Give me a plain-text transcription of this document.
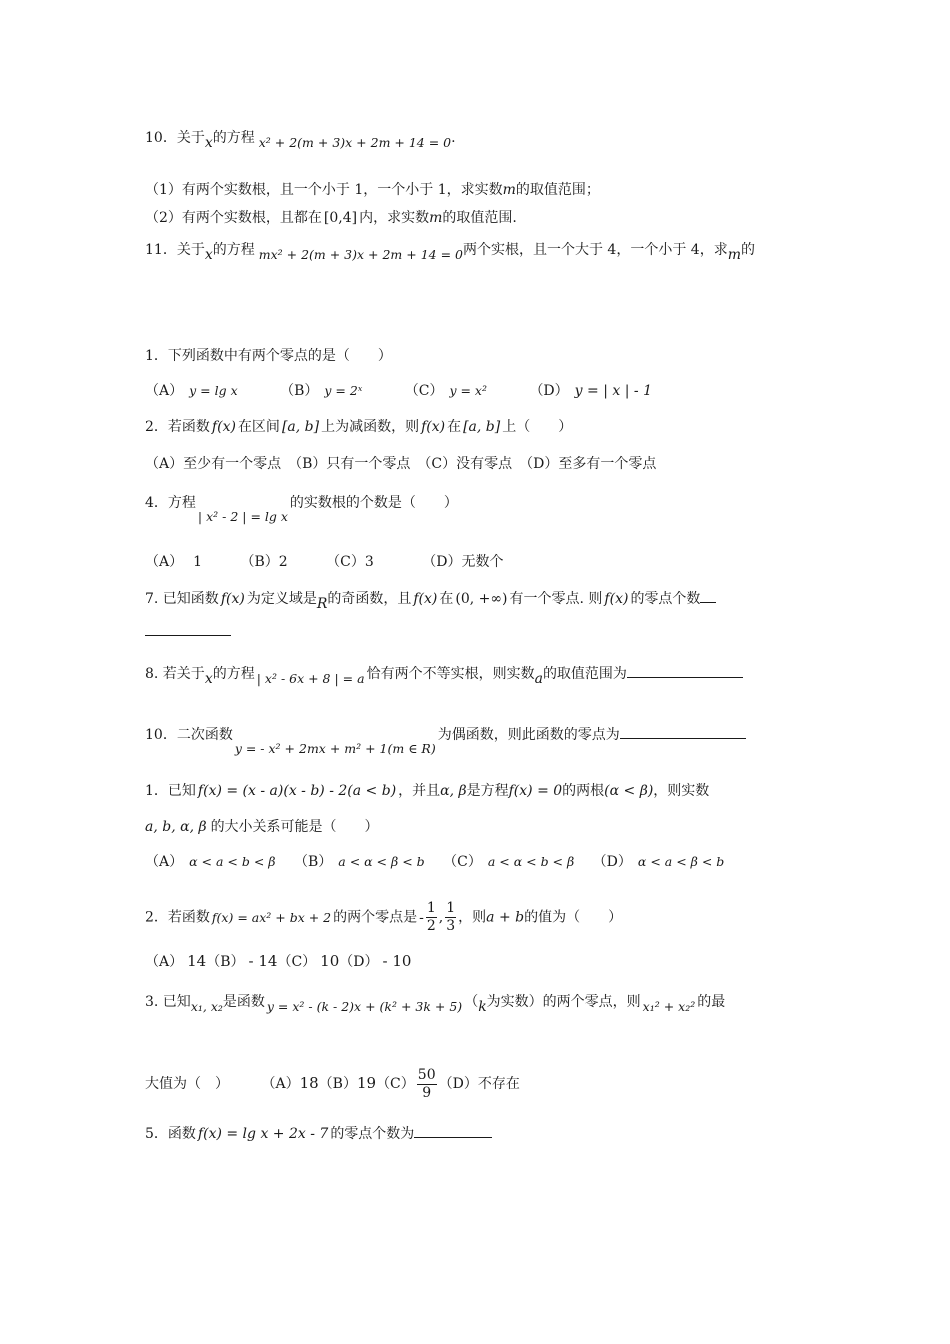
10．关于x的方程 x² + 2(m + 3)x + 2m + 14 = 0.
（1）有两个实数根，且一个小于 1，一个小于 1，求实数m的取值范围；
（2）有两个实数根，且都在 [0,4] 内，求实数m的取值范围.
11．关于x的方程 mx² + 2(m + 3)x + 2m + 14 = 0两个实根，且一个大于 4，一个小于 4，求m的
1．下列函数中有两个零点的是（　　）
（A） y = lg x	（B） y = 2ˣ	（C） y = x²	（D） y = | x | - 1
2．若函数 f(x) 在区间 [a, b] 上为减函数，则 f(x) 在 [a, b] 上（　　）
（A）至少有一个零点　（B）只有一个零点　（C）没有零点　（D）至多有一个零点
4．方程| x² - 2 | = lg x的实数根的个数是（　　）
（A） 1	（B）2	（C）3	（D）无数个
7. 已知函数 f(x) 为定义域是R的奇函数，且 f(x) 在 (0, +∞) 有一个零点. 则 f(x) 的零点个数
8. 若关于x的方程 | x² - 6x + 8 | = a 恰有两个不等实根，则实数a的取值范围为
10．二次函数y = - x² + 2mx + m² + 1(m ∈ R)为偶函数，则此函数的零点为
1．已知 f(x) = (x - a)(x - b) - 2(a < b) ，并且α, β是方程f(x) = 0的两根(α < β)，则实数
a, b, α, β 的大小关系可能是（　　）
（A） α < a < b < β （B） a < α < β < b （C） a < α < b < β （D） α < a < β < b
2．若函数 f(x) = ax² + bx + 2 的两个零点是 - $\frac{1}{2}$ , $\frac{1}{3}$ ，则a + b的值为（　　）
（A） 14（B） - 14（C） 10（D） - 10
3. 已知x₁, x₂是函数 y = x² - (k - 2)x + (k² + 3k + 5) （k为实数）的两个零点，则 x₁² + x₂² 的最
大值为（　） $(A)18(B)19(C) \frac{50}{9} (D)$不存在
5．函数 f(x) = lg x + 2x - 7 的零点个数为
